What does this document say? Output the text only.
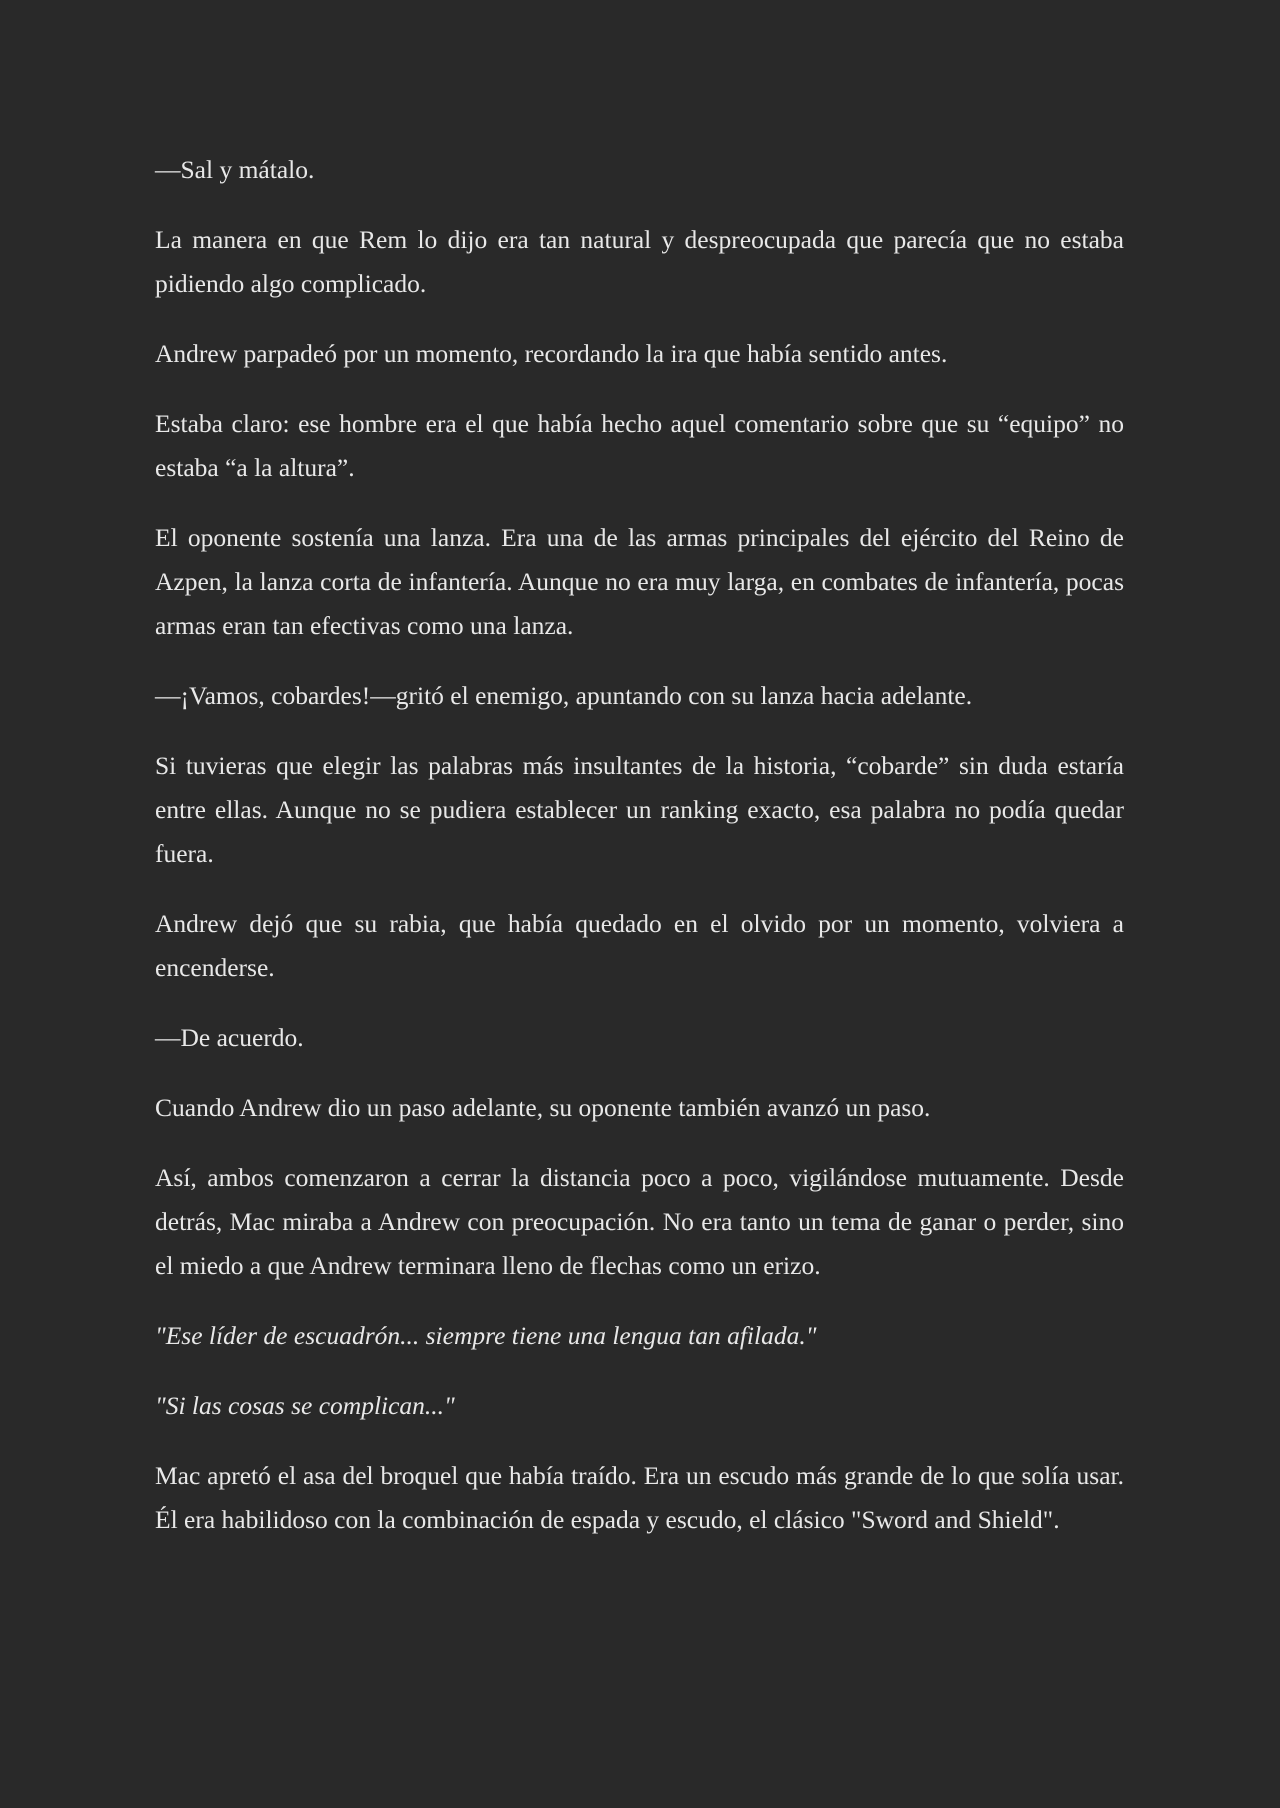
—Sal y mátalo.

La manera en que Rem lo dijo era tan natural y despreocupada que parecía que no estaba pidiendo algo complicado.

Andrew parpadeó por un momento, recordando la ira que había sentido antes.

Estaba claro: ese hombre era el que había hecho aquel comentario sobre que su “equipo” no estaba “a la altura”.

El oponente sostenía una lanza. Era una de las armas principales del ejército del Reino de Azpen, la lanza corta de infantería. Aunque no era muy larga, en combates de infantería, pocas armas eran tan efectivas como una lanza.

—¡Vamos, cobardes!—gritó el enemigo, apuntando con su lanza hacia adelante.

Si tuvieras que elegir las palabras más insultantes de la historia, “cobarde” sin duda estaría entre ellas. Aunque no se pudiera establecer un ranking exacto, esa palabra no podía quedar fuera.

Andrew dejó que su rabia, que había quedado en el olvido por un momento, volviera a encenderse.

—De acuerdo.

Cuando Andrew dio un paso adelante, su oponente también avanzó un paso.

Así, ambos comenzaron a cerrar la distancia poco a poco, vigilándose mutuamente. Desde detrás, Mac miraba a Andrew con preocupación. No era tanto un tema de ganar o perder, sino el miedo a que Andrew terminara lleno de flechas como un erizo.

"Ese líder de escuadrón... siempre tiene una lengua tan afilada."

"Si las cosas se complican..."

Mac apretó el asa del broquel que había traído. Era un escudo más grande de lo que solía usar. Él era habilidoso con la combinación de espada y escudo, el clásico "Sword and Shield".
